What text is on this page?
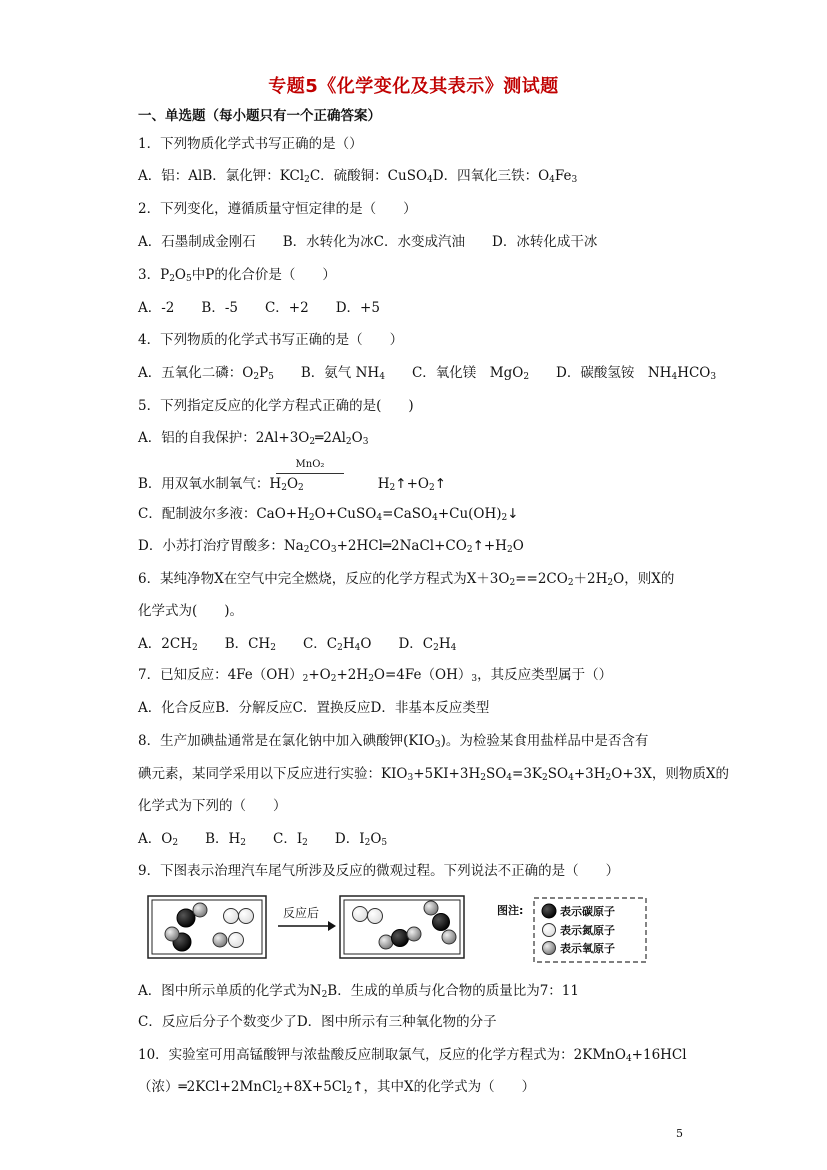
专题5《化学变化及其表示》测试题
一、单选题（每小题只有一个正确答案）
1．下列物质化学式书写正确的是（）
A．铝：AlB．氯化钾：KCl$_2$C．硫酸铜：CuSO$_4$D．四氧化三铁：$O_4Fe_3$
2．下列变化，遵循质量守恒定律的是（　　）
A．石墨制成金刚石　　B．水转化为冰C．水变成汽油　　D．冰转化成干冰
3．$P_2O_5$中P的化合价是（　　）
A．-2　　B．-5　　C．+2　　D．+5
4．下列物质的化学式书写正确的是（　　）
A．五氧化二磷：$O_2P_5$　　 B．氨气 $NH_4$　　 C．氧化镁　MgO$_2$　　 D．碳酸氢铵　$NH_4HCO_3$
5．下列指定反应的化学方程式正确的是(　　)
A．铝的自我保护：$2Al+3O_2═2Al_2O_3$
MnO₂
B．用双氧水制氧气：$H_2O_2$	$H_2↑+O_2↑$
C．配制波尔多液：$CaO+H_2O+CuSO_4=CaSO_4+Cu(OH)_2↓$
D．小苏打治疗胃酸多：$Na_2CO_3+2HCl═2NaCl+CO_2↑+H_2O$
6．某纯净物X在空气中完全燃烧，反应的化学方程式为$X+3O_2==2CO_2+2H_2O$，则X的
化学式为(　　)。
A．$2CH_2$　　 B．$CH_2$　　 C．$C_2H_4O$　　 D．$C_2H_4$
7．已知反应：$4Fe(OH)_2+O_2+2H_2O=4Fe(OH)_3$，其反应类型属于（）
A．化合反应B．分解反应C．置换反应D．非基本反应类型
8．生产加碘盐通常是在氯化钠中加入碘酸钾$(KIO_3)$。为检验某食用盐样品中是否含有
碘元素，某同学采用以下反应进行实验：$KIO_3+5KI+3H_2SO_4=3K_2SO_4+3H_2O+3X$，则物质X的
化学式为下列的（　　）
A．$O_2$　　 B．$H_2$　　 C．$I_2$　　 D．$I_2O_5$
9．下图表示治理汽车尾气所涉及反应的微观过程。下列说法不正确的是（　　）
反应后	图注:	表示碳原子
表示氮原子
表示氧原子
A．图中所示单质的化学式为$N_2B$．生成的单质与化合物的质量比为7：11
C．反应后分子个数变少了D．图中所示有三种氧化物的分子
10．实验室可用高锰酸钾与浓盐酸反应制取氯气，反应的化学方程式为：2KMnO$_4$+16HCl
（浓）$═2KCl+2MnCl_2+8X+5Cl_2↑$，其中X的化学式为（　　）
5
